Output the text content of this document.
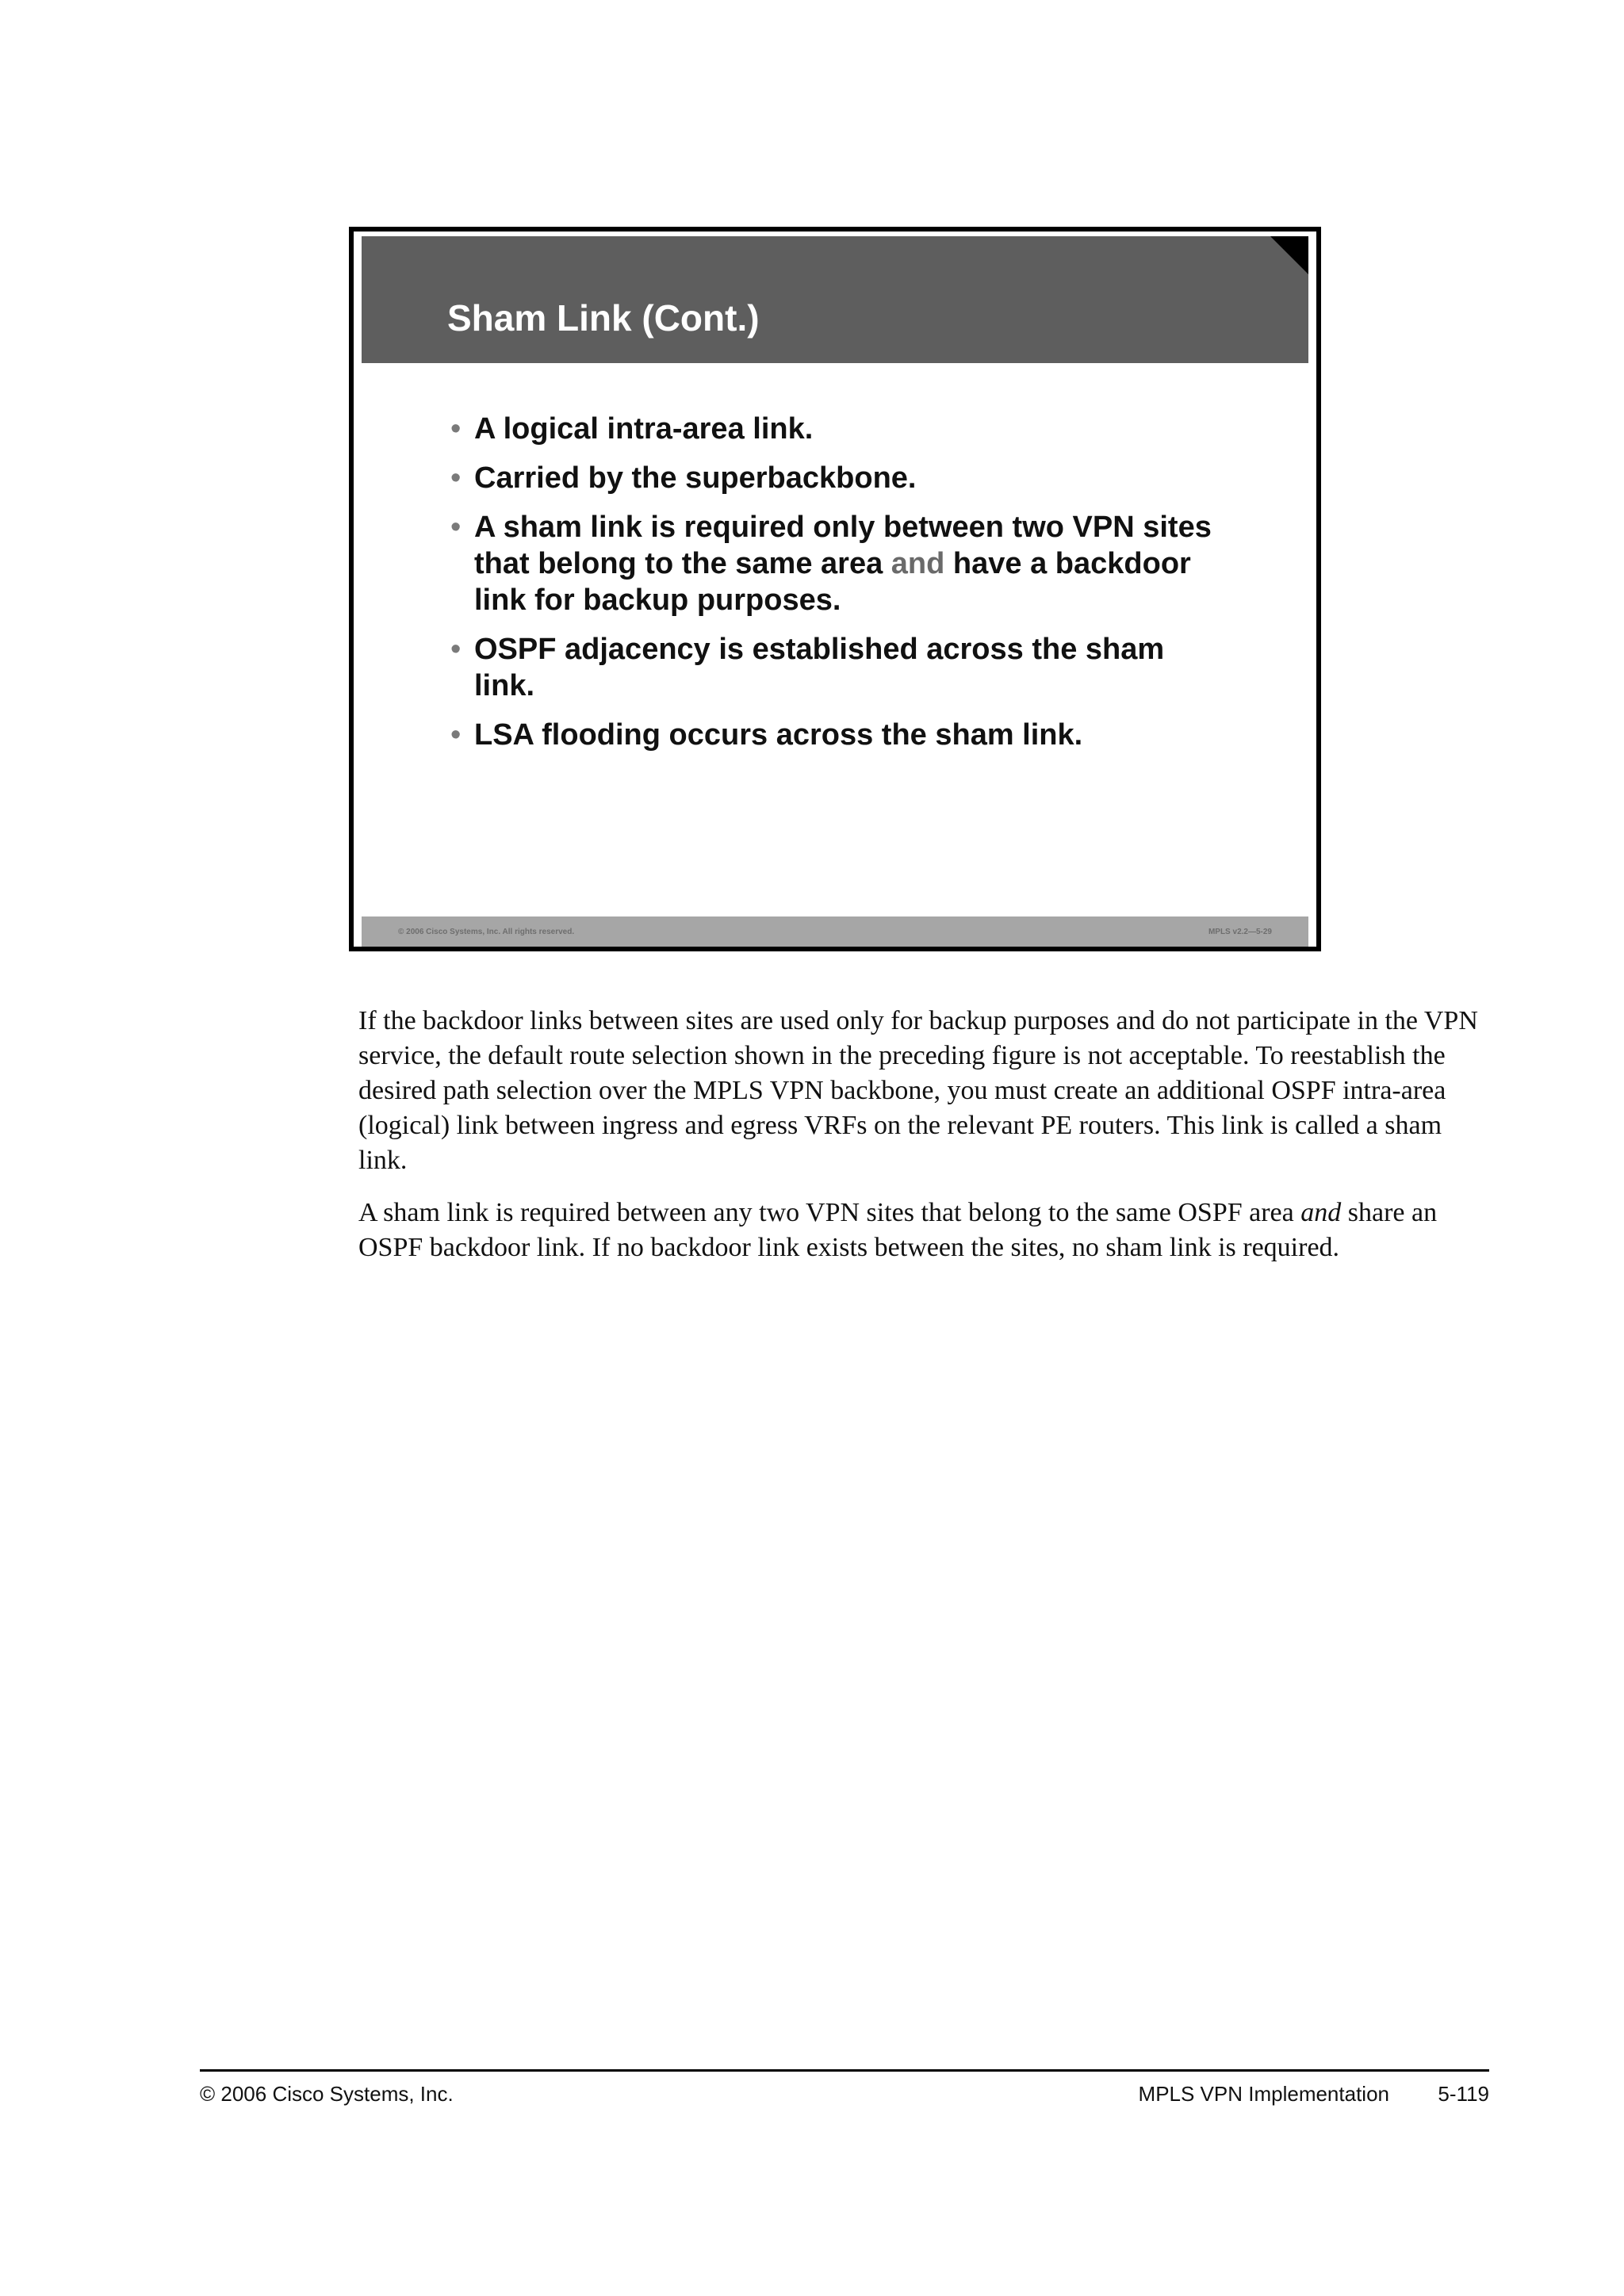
Sham Link (Cont.)
• A logical intra-area link.
• Carried by the superbackbone.
• A sham link is required only between two VPN sites that belong to the same area and have a backdoor link for backup purposes.
• OSPF adjacency is established across the sham link.
• LSA flooding occurs across the sham link.
© 2006 Cisco Systems, Inc. All rights reserved.	MPLS v2.2—5-29

If the backdoor links between sites are used only for backup purposes and do not participate in the VPN service, the default route selection shown in the preceding figure is not acceptable. To reestablish the desired path selection over the MPLS VPN backbone, you must create an additional OSPF intra-area (logical) link between ingress and egress VRFs on the relevant PE routers. This link is called a sham link.

A sham link is required between any two VPN sites that belong to the same OSPF area and share an OSPF backdoor link. If no backdoor link exists between the sites, no sham link is required.

© 2006 Cisco Systems, Inc.	MPLS VPN Implementation 5-119
